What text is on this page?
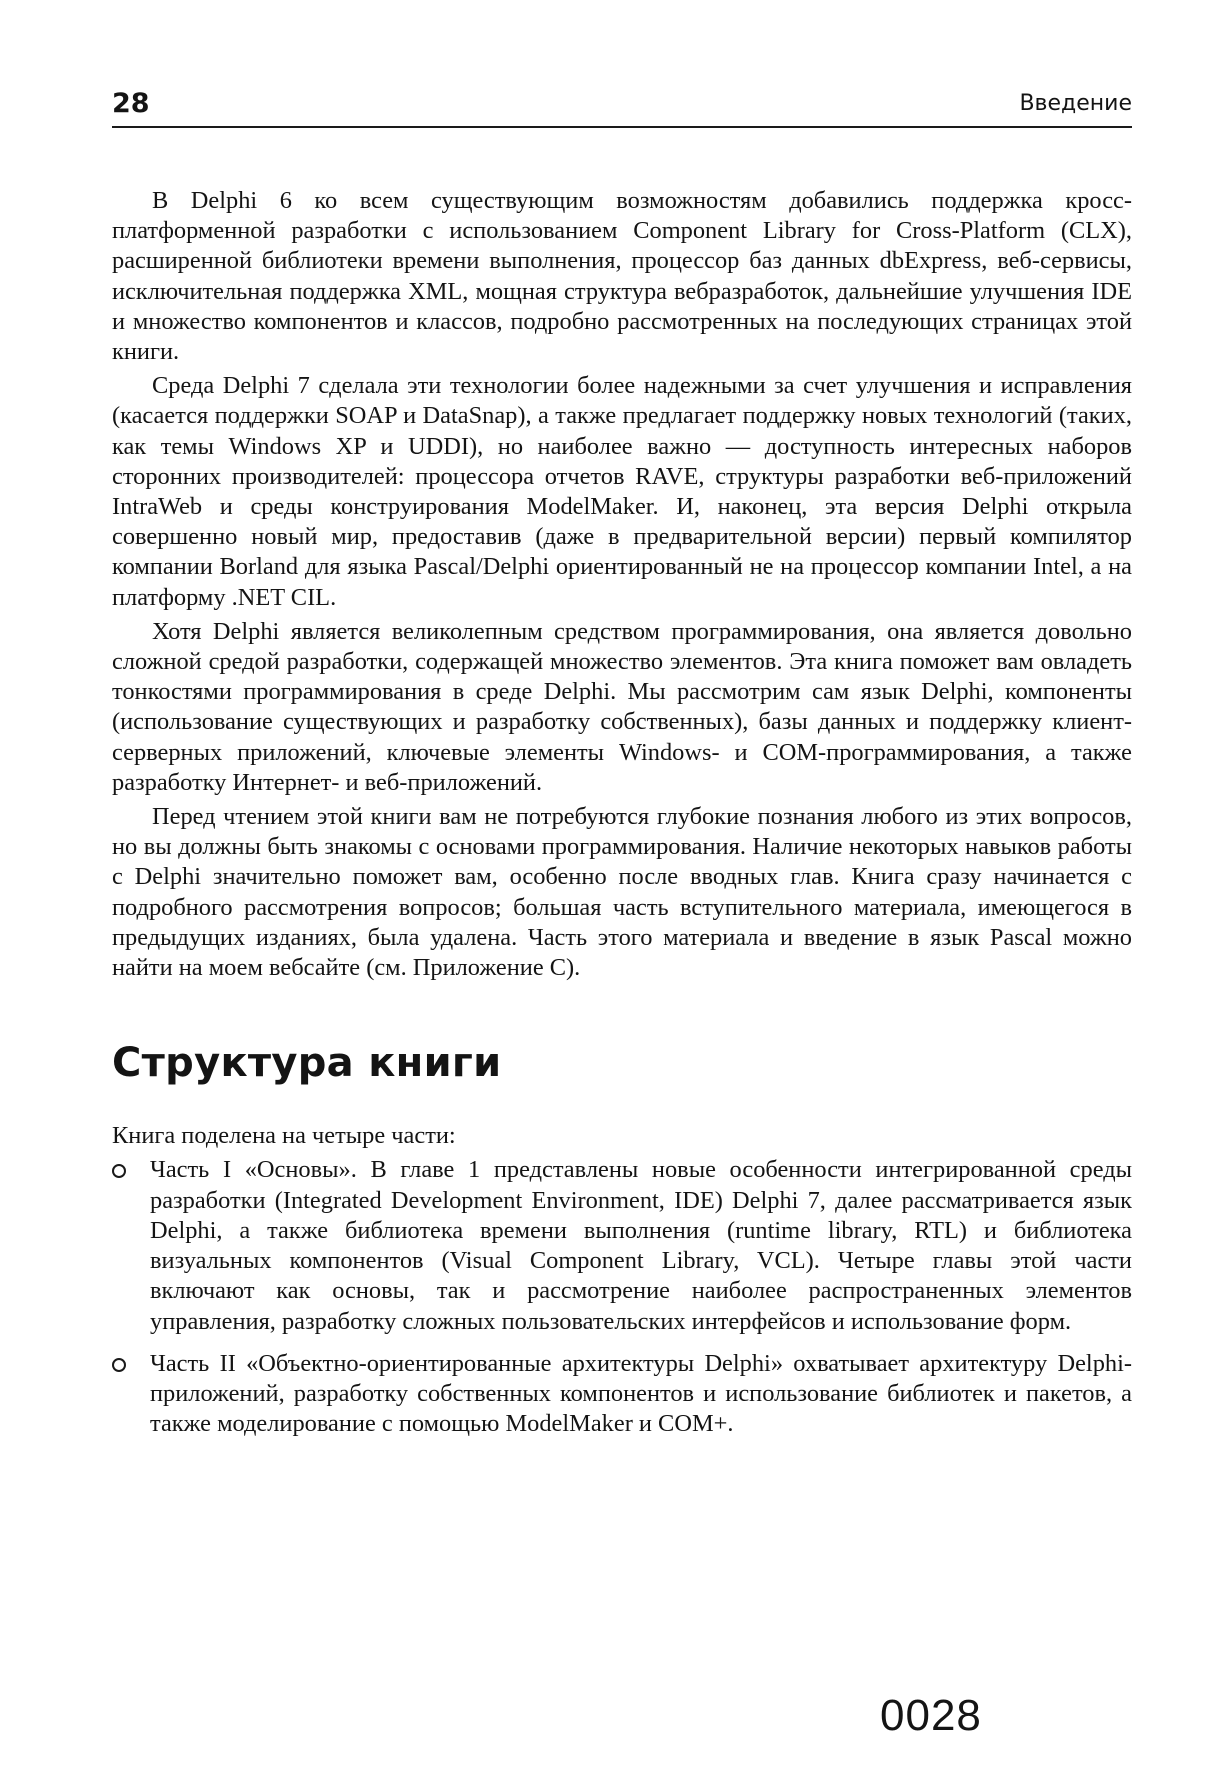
28	Введение

В Delphi 6 ко всем существующим возможностям добавились поддержка кроссплатформенной разработки с использованием Component Library for Cross-Platform (CLX), расширенной библиотеки времени выполнения, процессор баз данных dbExpress, веб-сервисы, исключительная поддержка XML, мощная структура вебразработок, дальнейшие улучшения IDE и множество компонентов и классов, подробно рассмотренных на последующих страницах этой книги.

Среда Delphi 7 сделала эти технологии более надежными за счет улучшения и исправления (касается поддержки SOAP и DataSnap), а также предлагает поддержку новых технологий (таких, как темы Windows XP и UDDI), но наиболее важно — доступность интересных наборов сторонних производителей: процессора отчетов RAVE, структуры разработки веб-приложений IntraWeb и среды конструирования ModelMaker. И, наконец, эта версия Delphi открыла совершенно новый мир, предоставив (даже в предварительной версии) первый компилятор компании Borland для языка Pascal/Delphi ориентированный не на процессор компании Intel, а на платформу .NET CIL.

Хотя Delphi является великолепным средством программирования, она является довольно сложной средой разработки, содержащей множество элементов. Эта книга поможет вам овладеть тонкостями программирования в среде Delphi. Мы рассмотрим сам язык Delphi, компоненты (использование существующих и разработку собственных), базы данных и поддержку клиент-серверных приложений, ключевые элементы Windows- и COM-программирования, а также разработку Интернет- и веб-приложений.

Перед чтением этой книги вам не потребуются глубокие познания любого из этих вопросов, но вы должны быть знакомы с основами программирования. Наличие некоторых навыков работы с Delphi значительно поможет вам, особенно после вводных глав. Книга сразу начинается с подробного рассмотрения вопросов; большая часть вступительного материала, имеющегося в предыдущих изданиях, была удалена. Часть этого материала и введение в язык Pascal можно найти на моем вебсайте (см. Приложение С).

Структура книги

Книга поделена на четыре части:

Часть I «Основы». В главе 1 представлены новые особенности интегрированной среды разработки (Integrated Development Environment, IDE) Delphi 7, далее рассматривается язык Delphi, а также библиотека времени выполнения (runtime library, RTL) и библиотека визуальных компонентов (Visual Component Library, VCL). Четыре главы этой части включают как основы, так и рассмотрение наиболее распространенных элементов управления, разработку сложных пользовательских интерфейсов и использование форм.
Часть II «Объектно-ориентированные архитектуры Delphi» охватывает архитектуру Delphi-приложений, разработку собственных компонентов и использование библиотек и пакетов, а также моделирование с помощью ModelMaker и COM+.
0028
